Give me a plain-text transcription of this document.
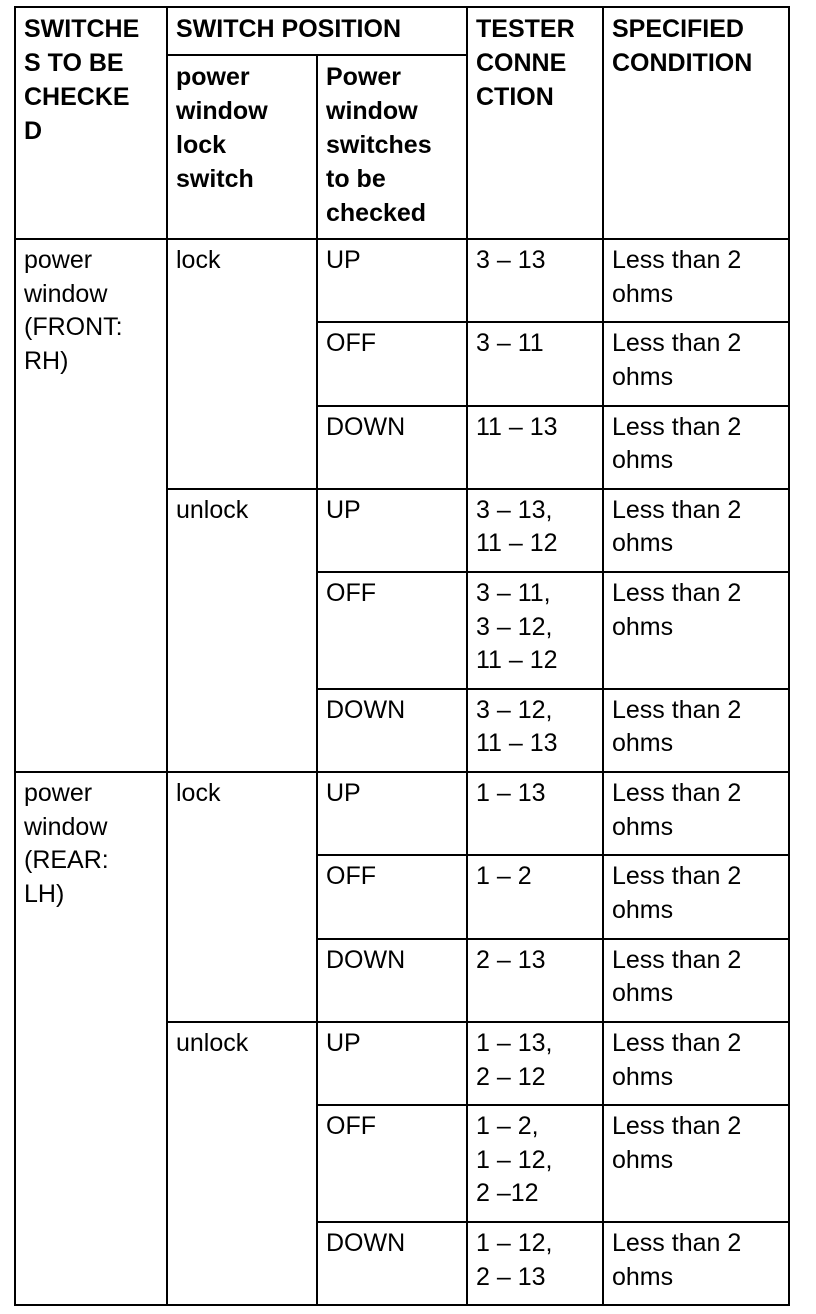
SWITCHE
S TO BE
CHECKE
D	SWITCH POSITION		TESTER
CONNE
CTION	SPECIFIED
CONDITION
	power
window
lock
switch	Power
window
switches
to be
checked		
power
window
(FRONT:
RH)	lock	UP	3 – 13	Less than 2
ohms
		OFF	3 – 11	Less than 2
ohms
		DOWN	11 – 13	Less than 2
ohms
	unlock	UP	3 – 13,
11 – 12	Less than 2
ohms
		OFF	3 – 11,
3 – 12,
11 – 12	Less than 2
ohms
		DOWN	3 – 12,
11 – 13	Less than 2
ohms
power
window
(REAR:
LH)	lock	UP	1 – 13	Less than 2
ohms
		OFF	1 – 2	Less than 2
ohms
		DOWN	2 – 13	Less than 2
ohms
	unlock	UP	1 – 13,
2 – 12	Less than 2
ohms
		OFF	1 – 2,
1 – 12,
2 –12	Less than 2
ohms
		DOWN	1 – 12,
2 – 13	Less than 2
ohms
